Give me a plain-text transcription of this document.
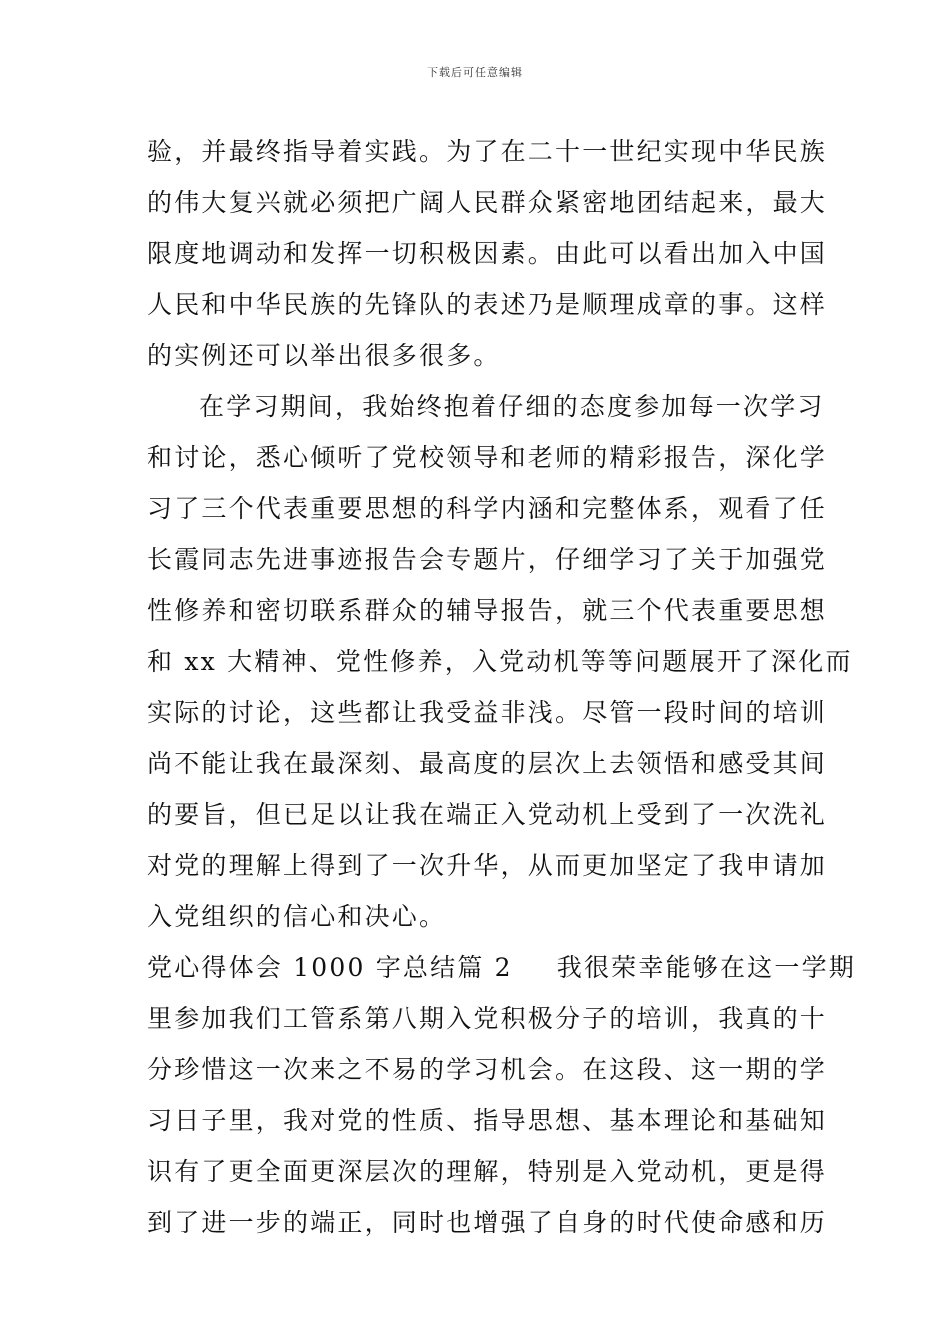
下载后可任意编辑
验，并最终指导着实践。为了在二十一世纪实现中华民族
的伟大复兴就必须把广阔人民群众紧密地团结起来，最大
限度地调动和发挥一切积极因素。由此可以看出加入中国
人民和中华民族的先锋队的表述乃是顺理成章的事。这样
的实例还可以举出很多很多。
在学习期间，我始终抱着仔细的态度参加每一次学习
和讨论，悉心倾听了党校领导和老师的精彩报告，深化学
习了三个代表重要思想的科学内涵和完整体系，观看了任
长霞同志先进事迹报告会专题片，仔细学习了关于加强党
性修养和密切联系群众的辅导报告，就三个代表重要思想
和 xx 大精神、党性修养，入党动机等等问题展开了深化而
实际的讨论，这些都让我受益非浅。尽管一段时间的培训
尚不能让我在最深刻、最高度的层次上去领悟和感受其间
的要旨，但已足以让我在端正入党动机上受到了一次洗礼
对党的理解上得到了一次升华，从而更加坚定了我申请加
入党组织的信心和决心。
党心得体会 1000 字总结篇 2 我很荣幸能够在这一学期
里参加我们工管系第八期入党积极分子的培训，我真的十
分珍惜这一次来之不易的学习机会。在这段、这一期的学
习日子里，我对党的性质、指导思想、基本理论和基础知
识有了更全面更深层次的理解，特别是入党动机，更是得
到了进一步的端正，同时也增强了自身的时代使命感和历
